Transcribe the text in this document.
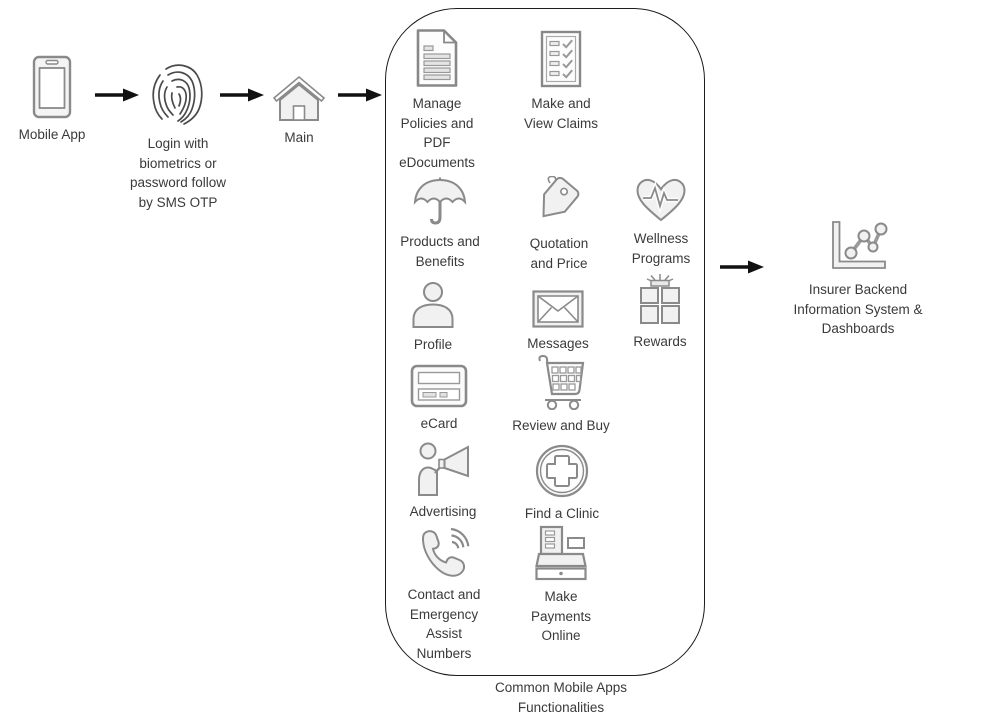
Mobile App
Login with biometrics or password follow by SMS OTP
Main
Manage Policies and PDF eDocuments
Make and View Claims
Products and Benefits
Quotation and Price
Wellness Programs
Profile	Messages	Rewards
eCard	Review and Buy
Advertising	Find a Clinic
Contact and Emergency Assist Numbers
Make Payments Online
Common Mobile Apps Functionalities
Insurer Backend Information System & Dashboards
